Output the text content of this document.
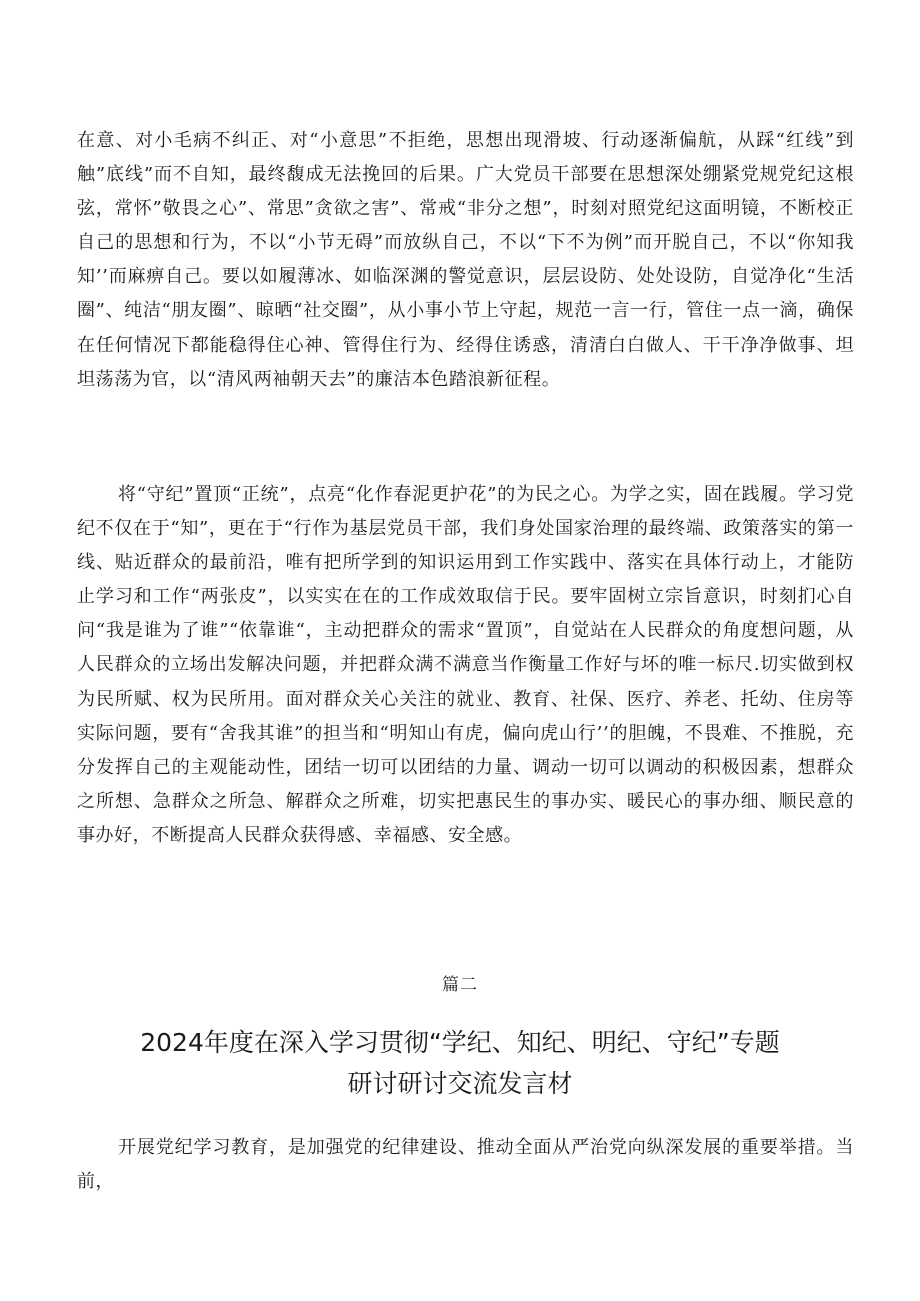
在意、对小毛病不纠正、对“小意思”不拒绝，思想出现滑坡、行动逐渐偏航，从踩“红线”到触”底线”而不自知，最终馥成无法挽回的后果。广大党员干部要在思想深处绷紧党规党纪这根弦，常怀”敬畏之心”、常思”贪欲之害”、常戒“非分之想”，时刻对照党纪这面明镜，不断校正自己的思想和行为，不以“小节无碍”而放纵自己，不以“下不为例”而开脱自己，不以“你知我知’’而麻痹自己。要以如履薄冰、如临深渊的警觉意识，层层设防、处处设防，自觉净化“生活圈”、纯洁“朋友圈”、晾晒“社交圈”，从小事小节上守起，规范一言一行，管住一点一滴，确保在任何情况下都能稳得住心神、管得住行为、经得住诱惑，清清白白做人、干干净净做事、坦坦荡荡为官，以“清风两袖朝天去”的廉洁本色踏浪新征程。

将“守纪”置顶“正统”，点亮“化作春泥更护花”的为民之心。为学之实，固在践履。学习党纪不仅在于“知”，更在于“行作为基层党员干部，我们身处国家治理的最终端、政策落实的第一线、贴近群众的最前沿，唯有把所学到的知识运用到工作实践中、落实在具体行动上，才能防止学习和工作“两张皮”，以实实在在的工作成效取信于民。要牢固树立宗旨意识，时刻扪心自问“我是谁为了谁”“依靠谁“，主动把群众的需求“置顶”，自觉站在人民群众的角度想问题，从人民群众的立场出发解决问题，并把群众满不满意当作衡量工作好与坏的唯一标尺.切实做到权为民所赋、权为民所用。面对群众关心关注的就业、教育、社保、医疗、养老、托幼、住房等实际问题，要有“舍我其谁”的担当和“明知山有虎，偏向虎山行’’的胆魄，不畏难、不推脱，充分发挥自己的主观能动性，团结一切可以团结的力量、调动一切可以调动的积极因素，想群众之所想、急群众之所急、解群众之所难，切实把惠民生的事办实、暖民心的事办细、顺民意的事办好，不断提高人民群众获得感、幸福感、安全感。

篇二

2024年度在深入学习贯彻“学纪、知纪、明纪、守纪”专题
研讨研讨交流发言材

开展党纪学习教育，是加强党的纪律建设、推动全面从严治党向纵深发展的重要举措。当前，
